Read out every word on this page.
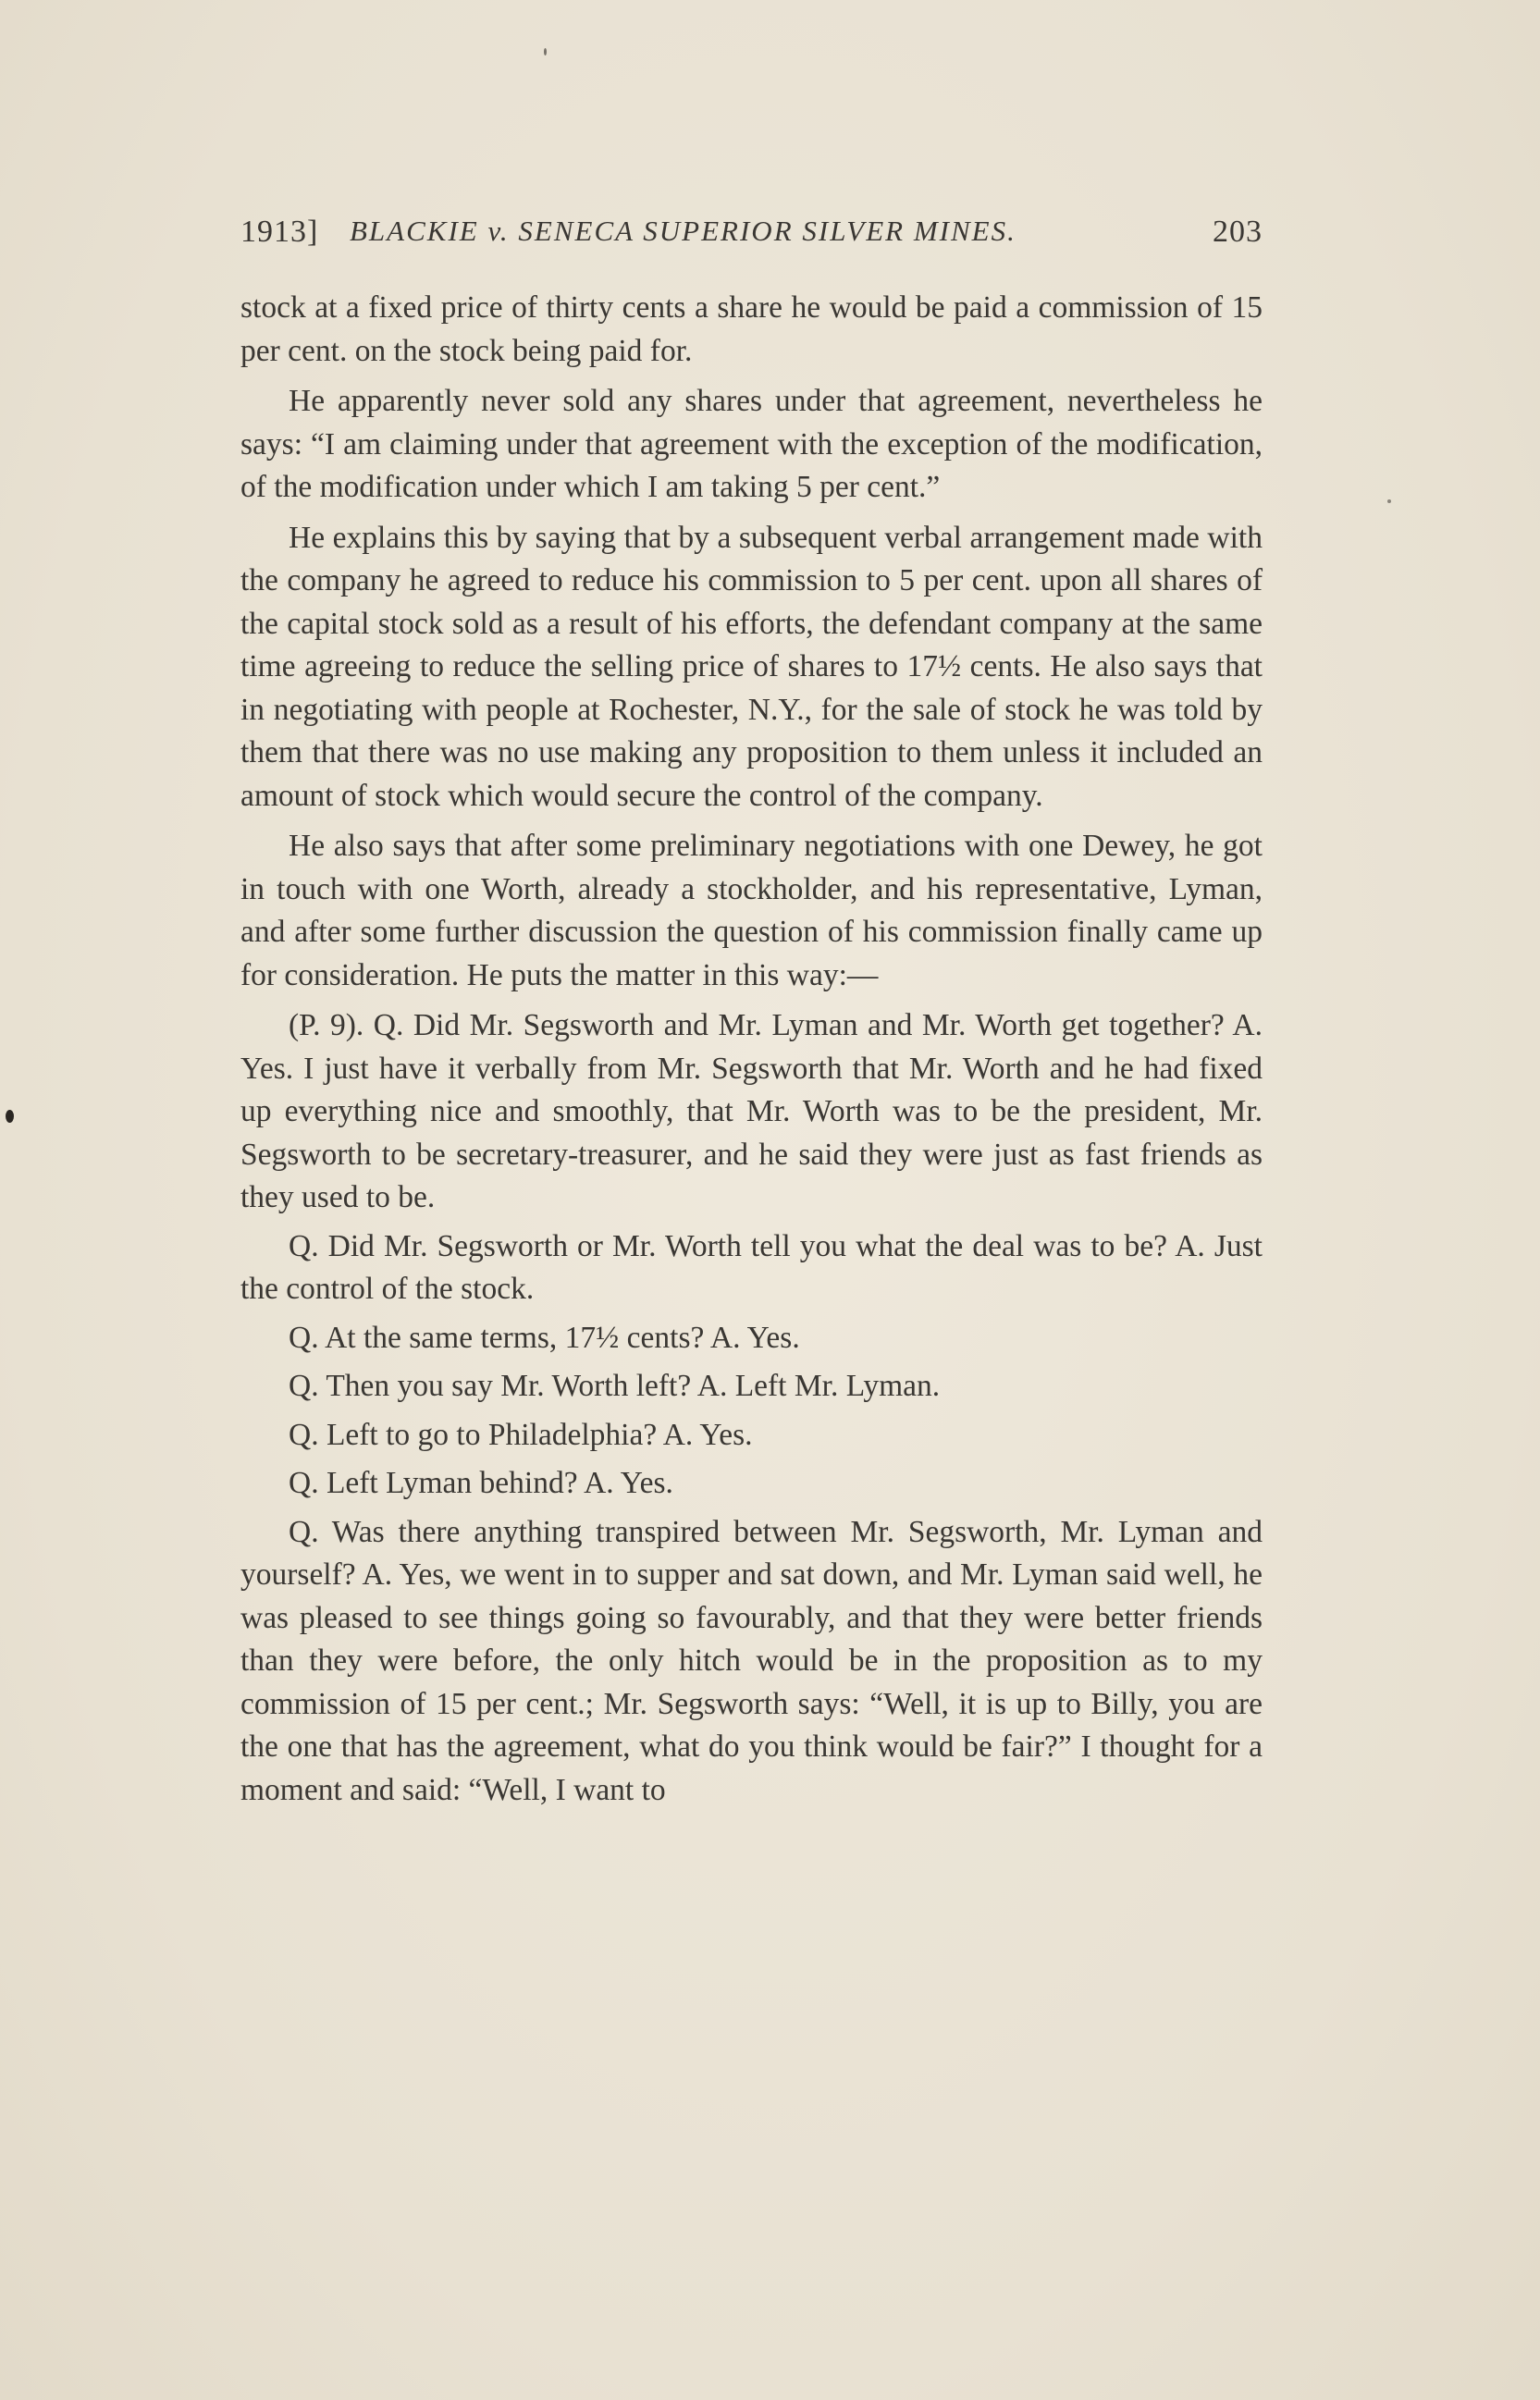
1913] BLACKIE v. SENECA SUPERIOR SILVER MINES.	203

stock at a fixed price of thirty cents a share he would be paid a commission of 15 per cent. on the stock being paid for.

He apparently never sold any shares under that agreement, nevertheless he says: “I am claiming under that agreement with the exception of the modification, of the modification under which I am taking 5 per cent.”

He explains this by saying that by a subsequent verbal arrangement made with the company he agreed to reduce his commission to 5 per cent. upon all shares of the capital stock sold as a result of his efforts, the defendant company at the same time agreeing to reduce the selling price of shares to 17½ cents. He also says that in negotiating with people at Rochester, N.Y., for the sale of stock he was told by them that there was no use making any proposition to them unless it included an amount of stock which would secure the control of the company.

He also says that after some preliminary negotiations with one Dewey, he got in touch with one Worth, already a stockholder, and his representative, Lyman, and after some further discussion the question of his commission finally came up for consideration. He puts the matter in this way:—

(P. 9). Q. Did Mr. Segsworth and Mr. Lyman and Mr. Worth get together? A. Yes. I just have it verbally from Mr. Segsworth that Mr. Worth and he had fixed up everything nice and smoothly, that Mr. Worth was to be the president, Mr. Segsworth to be secretary-treasurer, and he said they were just as fast friends as they used to be.

Q. Did Mr. Segsworth or Mr. Worth tell you what the deal was to be? A. Just the control of the stock.

Q. At the same terms, 17½ cents? A. Yes.

Q. Then you say Mr. Worth left? A. Left Mr. Lyman.

Q. Left to go to Philadelphia? A. Yes.

Q. Left Lyman behind? A. Yes.

Q. Was there anything transpired between Mr. Segsworth, Mr. Lyman and yourself? A. Yes, we went in to supper and sat down, and Mr. Lyman said well, he was pleased to see things going so favourably, and that they were better friends than they were before, the only hitch would be in the proposition as to my commission of 15 per cent.; Mr. Segsworth says: “Well, it is up to Billy, you are the one that has the agreement, what do you think would be fair?” I thought for a moment and said: “Well, I want to
